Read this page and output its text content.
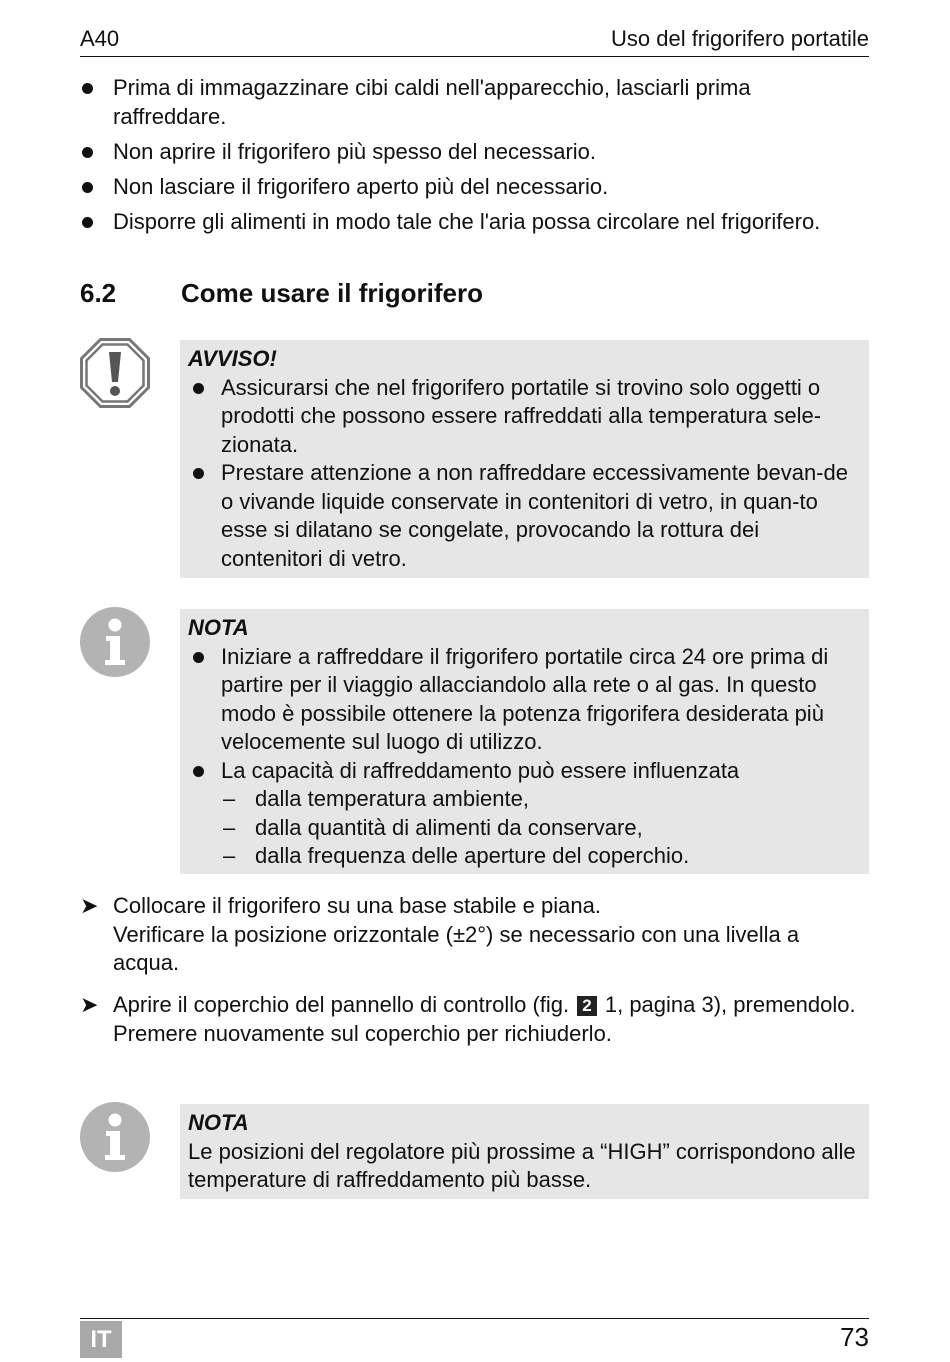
A40	Uso del frigorifero portatile
Prima di immagazzinare cibi caldi nell'apparecchio, lasciarli prima raffreddare.
Non aprire il frigorifero più spesso del necessario.
Non lasciare il frigorifero aperto più del necessario.
Disporre gli alimenti in modo tale che l'aria possa circolare nel frigorifero.
6.2 Come usare il frigorifero
AVVISO!
Assicurarsi che nel frigorifero portatile si trovino solo oggetti o prodotti che possono essere raffreddati alla temperatura sele-zionata.
Prestare attenzione a non raffreddare eccessivamente bevan-de o vivande liquide conservate in contenitori di vetro, in quan-to esse si dilatano se congelate, provocando la rottura dei contenitori di vetro.
NOTA
Iniziare a raffreddare il frigorifero portatile circa 24 ore prima di partire per il viaggio allacciandolo alla rete o al gas. In questo modo è possibile ottenere la potenza frigorifera desiderata più velocemente sul luogo di utilizzo.
La capacità di raffreddamento può essere influenzata
– dalla temperatura ambiente,
– dalla quantità di alimenti da conservare,
– dalla frequenza delle aperture del coperchio.
➤ Collocare il frigorifero su una base stabile e piana.
Verificare la posizione orizzontale (±2°) se necessario con una livella a acqua.
➤ Aprire il coperchio del pannello di controllo (fig. 2 1, pagina 3), premendolo.
Premere nuovamente sul coperchio per richiuderlo.
NOTA
Le posizioni del regolatore più prossime a “HIGH” corrispondono alle temperature di raffreddamento più basse.
IT	73
